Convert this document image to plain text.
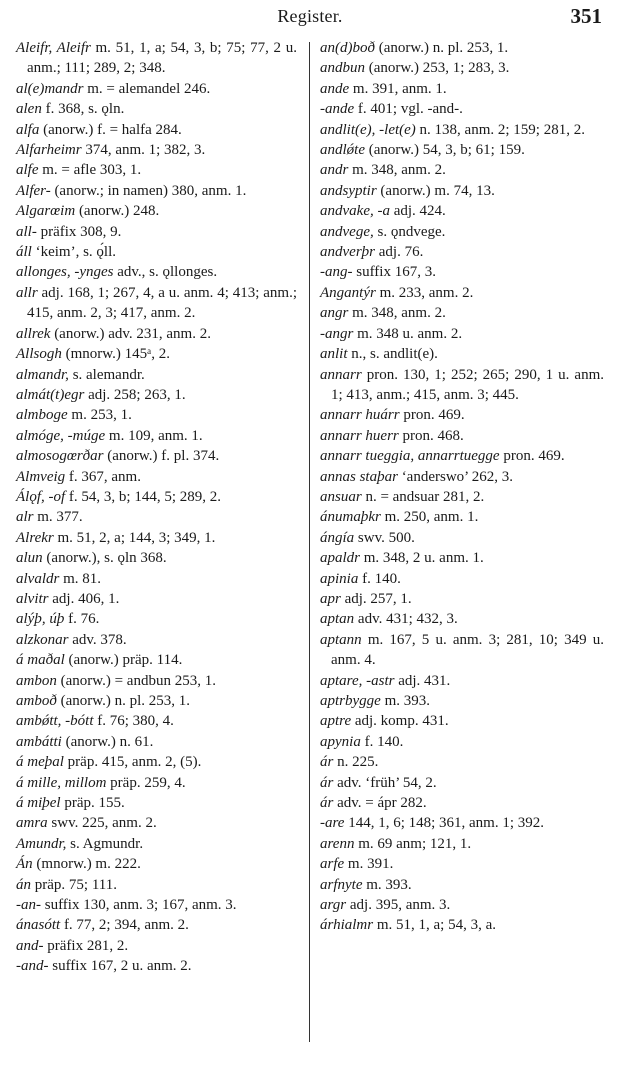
Register.	351

Aleifr, Aleifr m. 51, 1, a; 54, 3, b; 75; 77, 2 u. anm.; 111; 289, 2; 348.

al(e)mandr m. = alemandel 246.

alen f. 368, s. ǫln.

alfa (anorw.) f. = halfa 284.

Alfarheimr 374, anm. 1; 382, 3.

alfe m. = afle 303, 1.

Alfer- (anorw.; in namen) 380, anm. 1.

Algarœim (anorw.) 248.

all- präfix 308, 9.

áll ‘keim’, s. ǫ́ll.

allonges, -ynges adv., s. ǫllonges.

allr adj. 168, 1; 267, 4, a u. anm. 4; 413; anm.; 415, anm. 2, 3; 417, anm. 2.

allrek (anorw.) adv. 231, anm. 2.

Allsogh (mnorw.) 145ᵃ, 2.

almandr, s. alemandr.

almát(t)egr adj. 258; 263, 1.

almboge m. 253, 1.

almóge, -múge m. 109, anm. 1.

almosogœrðar (anorw.) f. pl. 374.

Almveig f. 367, anm.

Álǫf, -of f. 54, 3, b; 144, 5; 289, 2.

alr m. 377.

Alrekr m. 51, 2, a; 144, 3; 349, 1.

alun (anorw.), s. ǫln 368.

alvaldr m. 81.

alvitr adj. 406, 1.

alýþ, úþ f. 76.

alzkonar adv. 378.

á maðal (anorw.) präp. 114.

ambon (anorw.) = andbun 253, 1.

amboð (anorw.) n. pl. 253, 1.

ambǿtt, -bótt f. 76; 380, 4.

ambátti (anorw.) n. 61.

á meþal präp. 415, anm. 2, (5).

á mille, millom präp. 259, 4.

á miþel präp. 155.

amra swv. 225, anm. 2.

Amundr, s. Agmundr.

Án (mnorw.) m. 222.

án präp. 75; 111.

-an- suffix 130, anm. 3; 167, anm. 3.

ánasótt f. 77, 2; 394, anm. 2.

and- präfix 281, 2.

-and- suffix 167, 2 u. anm. 2.

an(d)boð (anorw.) n. pl. 253, 1.

andbun (anorw.) 253, 1; 283, 3.

ande m. 391, anm. 1.

-ande f. 401; vgl. -and-.

andlit(e), -let(e) n. 138, anm. 2; 159; 281, 2.

andlǿte (anorw.) 54, 3, b; 61; 159.

andr m. 348, anm. 2.

andsyptir (anorw.) m. 74, 13.

andvake, -a adj. 424.

andvege, s. ǫndvege.

andverþr adj. 76.

-ang- suffix 167, 3.

Angantýr m. 233, anm. 2.

angr m. 348, anm. 2.

-angr m. 348 u. anm. 2.

anlit n., s. andlit(e).

annarr pron. 130, 1; 252; 265; 290, 1 u. anm. 1; 413, anm.; 415, anm. 3; 445.

annarr huárr pron. 469.

annarr huerr pron. 468.

annarr tueggia, annarrtuegge pron. 469.

annas staþar ‘anderswo’ 262, 3.

ansuar n. = andsuar 281, 2.

ánumaþkr m. 250, anm. 1.

ángía swv. 500.

apaldr m. 348, 2 u. anm. 1.

apinia f. 140.

apr adj. 257, 1.

aptan adv. 431; 432, 3.

aptann m. 167, 5 u. anm. 3; 281, 10; 349 u. anm. 4.

aptare, -astr adj. 431.

aptrbygge m. 393.

aptre adj. komp. 431.

apynia f. 140.

ár n. 225.

ár adv. ‘früh’ 54, 2.

ár adv. = ápr 282.

-are 144, 1, 6; 148; 361, anm. 1; 392.

arenn m. 69 anm; 121, 1.

arfe m. 391.

arfnyte m. 393.

argr adj. 395, anm. 3.

árhialmr m. 51, 1, a; 54, 3, a.
